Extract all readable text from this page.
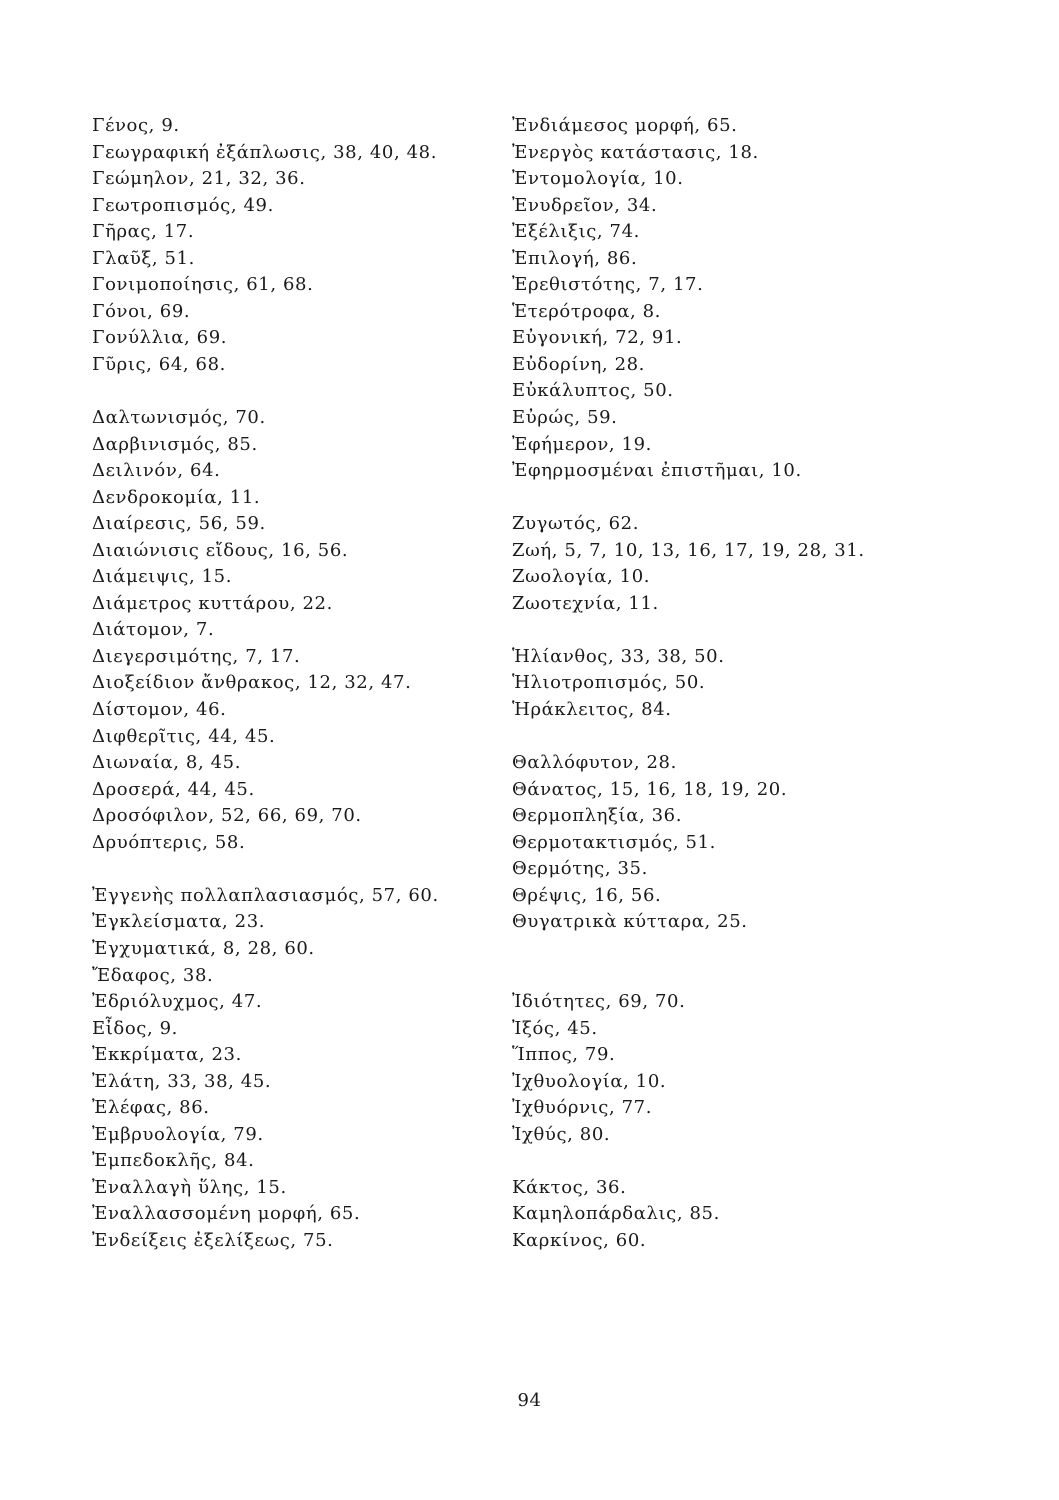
Γένος, 9.
Γεωγραφική ἐξάπλωσις, 38, 40, 48.
Γεώμηλον, 21, 32, 36.
Γεωτροπισμός, 49.
Γῆρας, 17.
Γλαῦξ, 51.
Γονιμοποίησις, 61, 68.
Γόνοι, 69.
Γονύλλια, 69.
Γῦρις, 64, 68.
Δαλτωνισμός, 70.
Δαρβινισμός, 85.
Δειλινόν, 64.
Δενδροκομία, 11.
Διαίρεσις, 56, 59.
Διαιώνισις εἴδους, 16, 56.
Διάμειψις, 15.
Διάμετρος κυττάρου, 22.
Διάτομον, 7.
Διεγερσιμότης, 7, 17.
Διοξείδιον ἄνθρακος, 12, 32, 47.
Δίστομον, 46.
Διφθερῖτις, 44, 45.
Διωναία, 8, 45.
Δροσερά, 44, 45.
Δροσόφιλον, 52, 66, 69, 70.
Δρυόπτερις, 58.
Ἐγγενὴς πολλαπλασιασμός, 57, 60.
Ἐγκλείσματα, 23.
Ἐγχυματικά, 8, 28, 60.
Ἔδαφος, 38.
Ἐδριόλυχμος, 47.
Εἶδος, 9.
Ἐκκρίματα, 23.
Ἐλάτη, 33, 38, 45.
Ἐλέφας, 86.
Ἐμβρυολογία, 79.
Ἐμπεδοκλῆς, 84.
Ἐναλλαγὴ ὕλης, 15.
Ἐναλλασσομένη μορφή, 65.
Ἐνδείξεις ἐξελίξεως, 75.
Ἐνδιάμεσος μορφή, 65.
Ἐνεργὸς κατάστασις, 18.
Ἐντομολογία, 10.
Ἐνυδρεῖον, 34.
Ἐξέλιξις, 74.
Ἐπιλογή, 86.
Ἐρεθιστότης, 7, 17.
Ἑτερότροφα, 8.
Εὐγονική, 72, 91.
Εὐδορίνη, 28.
Εὐκάλυπτος, 50.
Εὐρώς, 59.
Ἐφήμερον, 19.
Ἐφηρμοσμέναι ἐπιστῆμαι, 10.
Ζυγωτός, 62.
Ζωή, 5, 7, 10, 13, 16, 17, 19, 28, 31.
Ζωολογία, 10.
Ζωοτεχνία, 11.
Ἡλίανθος, 33, 38, 50.
Ἡλιοτροπισμός, 50.
Ἡράκλειτος, 84.
Θαλλόφυτον, 28.
Θάνατος, 15, 16, 18, 19, 20.
Θερμοπληξία, 36.
Θερμοτακτισμός, 51.
Θερμότης, 35.
Θρέψις, 16, 56.
Θυγατρικὰ κύτταρα, 25.
Ἰδιότητες, 69, 70.
Ἰξός, 45.
Ἵππος, 79.
Ἰχθυολογία, 10.
Ἰχθυόρνις, 77.
Ἰχθύς, 80.
Κάκτος, 36.
Καμηλοπάρδαλις, 85.
Καρκίνος, 60.
94
